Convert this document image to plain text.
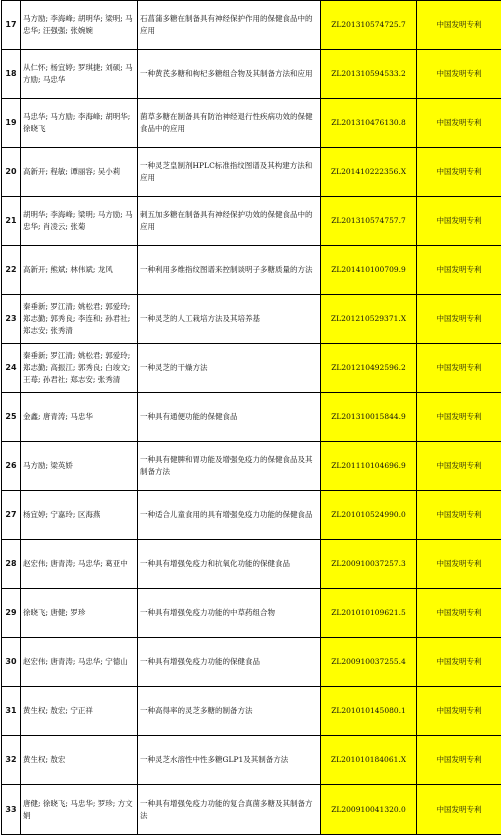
17	马方励; 李海峰; 胡明华; 梁明; 马忠华; 汪强强; 张婉婉	石菖蒲多糖在制备具有神经保护作用的保健食品中的应用	ZL201310574725.7	中国发明专利
18	从仁怀; 杨宜婷; 罗琪捷; 刘硕; 马方励; 马忠华	一种黄芪多糖和枸杞多糖组合物及其制备方法和应用	ZL201310594533.2	中国发明专利
19	马忠华; 马方励; 李海峰; 胡明华; 徐晓飞	菌草多糖在制备具有防治神经退行性疾病功效的保健食品中的应用	ZL201310476130.8	中国发明专利
20	高新开; 程敏; 谭丽容; 吴小莉	一种灵芝皇制剂HPLC标准指纹图谱及其构建方法和应用	ZL201410222356.X	中国发明专利
21	胡明华; 李海峰; 梁明; 马方励; 马忠华; 肖凌云; 张菊	刺五加多糖在制备具有神经保护功效的保健食品中的应用	ZL201310574757.7	中国发明专利
22	高新开; 熊斌; 林伟斌; 龙风	一种利用多维指纹图谱来控制谈明子多糖质量的方法	ZL201410100709.9	中国发明专利
23	秦垂新; 罗江清; 姚松君; 郭爱玲; 郑志勤; 郭秀良; 李连和; 孙君社; 郑志安; 张秀清	一种灵芝的人工栽培方法及其培养基	ZL201210529371.X	中国发明专利
24	秦垂新; 罗江清; 姚松君; 郭爱玲; 郑志勤; 高振江; 郭秀良; 白竣文; 王苺; 孙君社; 郑志安; 张秀清	一种灵芝的干燥方法	ZL201210492596.2	中国发明专利
25	金鑫; 唐青涛; 马忠华	一种具有通便功能的保健食品	ZL201310015844.9	中国发明专利
26	马方励; 梁英娇	一种具有健脾和胃功能及增强免疫力的保健食品及其制备方法	ZL201110104696.9	中国发明专利
27	杨宜婷; 宁嘉玲; 区海燕	一种适合儿童食用的具有增强免疫力功能的保健食品	ZL201010524990.0	中国发明专利
28	赵宏伟; 唐青涛; 马忠华; 葛亚中	一种具有增强免疫力和抗氧化功能的保健食品	ZL200910037257.3	中国发明专利
29	徐晓飞; 唐健; 罗珍	一种具有增强免疫力功能的中草药组合物	ZL201010109621.5	中国发明专利
30	赵宏伟; 唐青涛; 马忠华; 宁德山	一种具有增强免疫力功能的保健食品	ZL200910037255.4	中国发明专利
31	黄生权; 敖宏; 宁正祥	一种高得率的灵芝多糖的制备方法	ZL201010145080.1	中国发明专利
32	黄生权; 敖宏	一种灵芝水溶性中性多糖GLP1及其制备方法	ZL201010184061.X	中国发明专利
33	唐健; 徐晓飞; 马忠华; 罗珍; 方文娟	一种具有增强免疫力功能的复合真菌多糖及其制备方法	ZL200910041320.0	中国发明专利
